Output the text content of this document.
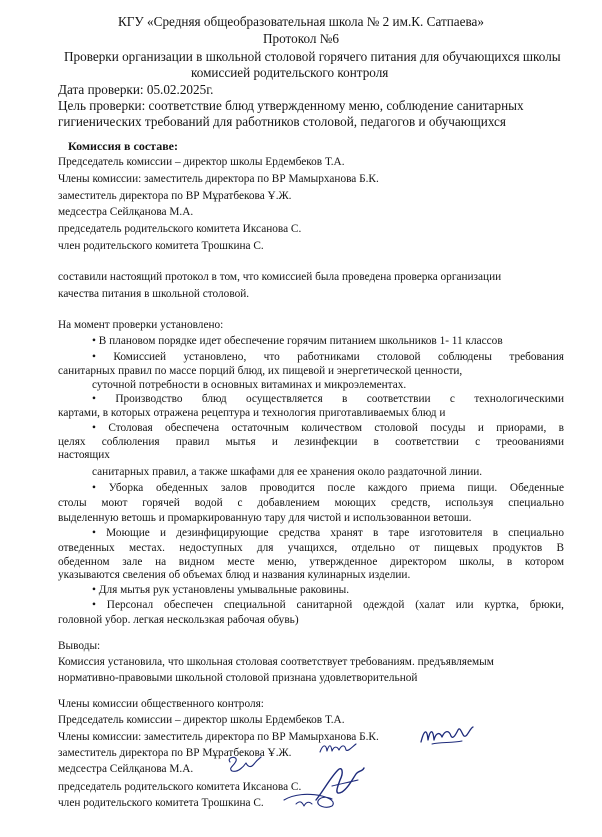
КГУ «Средняя общеобразовательная школа № 2 им.К. Сатпаева»
Протокол №6
Проверки организации в школьной столовой горячего питания для обучающихся школы
комиссией родительского контроля
Дата проверки: 05.02.2025г.
Цель проверки: соответствие блюд утвержденному меню, соблюдение санитарных
гигиенических требований для работников столовой, педагогов и обучающихся
Комиссия в составе:
Председатель комиссии – директор школы Ердембеков Т.А.
Члены комиссии: заместитель директора по ВР Мамырханова Б.К.
заместитель директора по ВР Мұратбекова Ұ.Ж.
медсестра Сейлқанова М.А.
председатель родительского комитета Иксанова С.
член родительского комитета Трошкина С.
составили настоящий протокол в том, что комиссией была проведена проверка организации
качества питания в школьной столовой.
На момент проверки установлено:
• В плановом порядке идет обеспечение горячим питанием школьников 1- 11 классов
• Комиссией установлено, что работниками столовой соблюдены требования
санитарных правил по массе порций блюд, их пищевой и энергетической ценности,
суточной потребности в основных витаминах и микроэлементах.
• Производство блюд осуществляется в соответствии с технологическими
картами, в которых отражена рецептура и технология приготавливаемых блюд и
• Столовая обеспечена остаточным количеством столовой посуды и приорами, в
целях соблюления правил мытья и лезинфекции в соответствии с треоованиями
настоящих
санитарных правил, а также шкафами для ее хранения около раздаточной линии.
• Уборка обеденных залов проводится после каждого приема пищи. Обеденные
столы моют горячей водой с добавлением моющих средств, используя специально
выделенную ветошь и промаркированную тару для чистой и использованнои ветоши.
• Моющие и дезинфицирующие средства хранят в таре изготовителя в специально
отведенных местах. недоступных для учащихся, отдельно от пищевых продуктов В
обеденном зале на видном месте меню, утвержденное директором школы, в котором
указываются свеления об объемах блюд и названия кулинарных изделии.
• Для мытья рук установлены умывальные раковины.
• Персонал обеспечен специальной санитарной одеждой (халат или куртка, брюки,
головной убор. легкая нескользкая рабочая обувь)
Выводы:
Комиссия установила, что школьная столовая соответствует требованиям. предъявляемым
нормативно-правовыми школьной столовой признана удовлетворительной
Члены комиссии общественного контроля:
Председатель комиссии – директор школы Ердембеков Т.А.
Члены комиссии: заместитель директора по ВР Мамырханова Б.К.
заместитель директора по ВР Мұратбекова Ұ.Ж.
медсестра Сейлқанова М.А.
председатель родительского комитета Иксанова С.
член родительского комитета Трошкина С.
